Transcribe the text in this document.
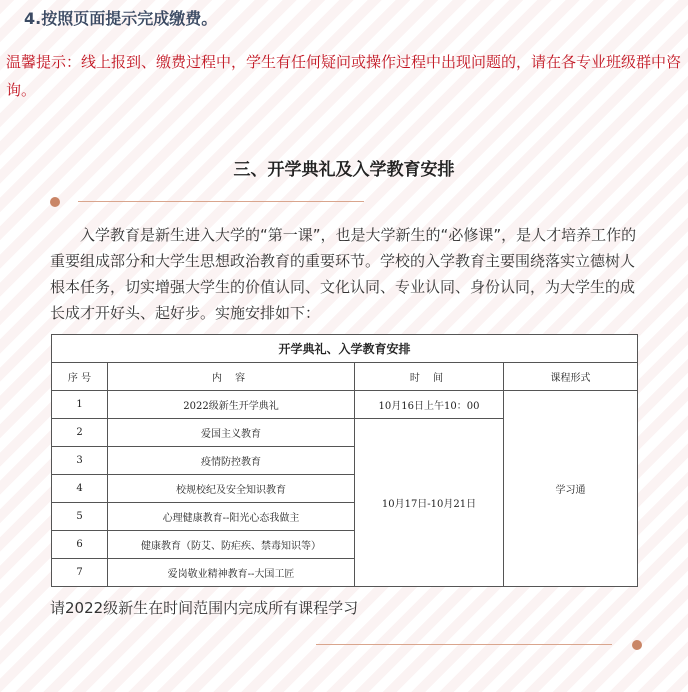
4.按照页面提示完成缴费。
温馨提示：线上报到、缴费过程中，学生有任何疑问或操作过程中出现问题的，请在各专业班级群中咨询。
三、开学典礼及入学教育安排
入学教育是新生进入大学的“第一课”，也是大学新生的“必修课”，是人才培养工作的重要组成部分和大学生思想政治教育的重要环节。学校的入学教育主要围绕落实立德树人根本任务，切实增强大学生的价值认同、文化认同、专业认同、身份认同，为大学生的成长成才开好头、起好步。实施安排如下：
开学典礼、入学教育安排			
序 号	内 容	时 间	课程形式
1	2022级新生开学典礼	10月16日上午10：00	学习通
2	爱国主义教育	10月17日-10月21日	
3	疫情防控教育		
4	校规校纪及安全知识教育		
5	心理健康教育--阳光心态我做主		
6	健康教育（防艾、防疟疾、禁毒知识等）		
7	爱岗敬业精神教育--大国工匠		
请2022级新生在时间范围内完成所有课程学习
